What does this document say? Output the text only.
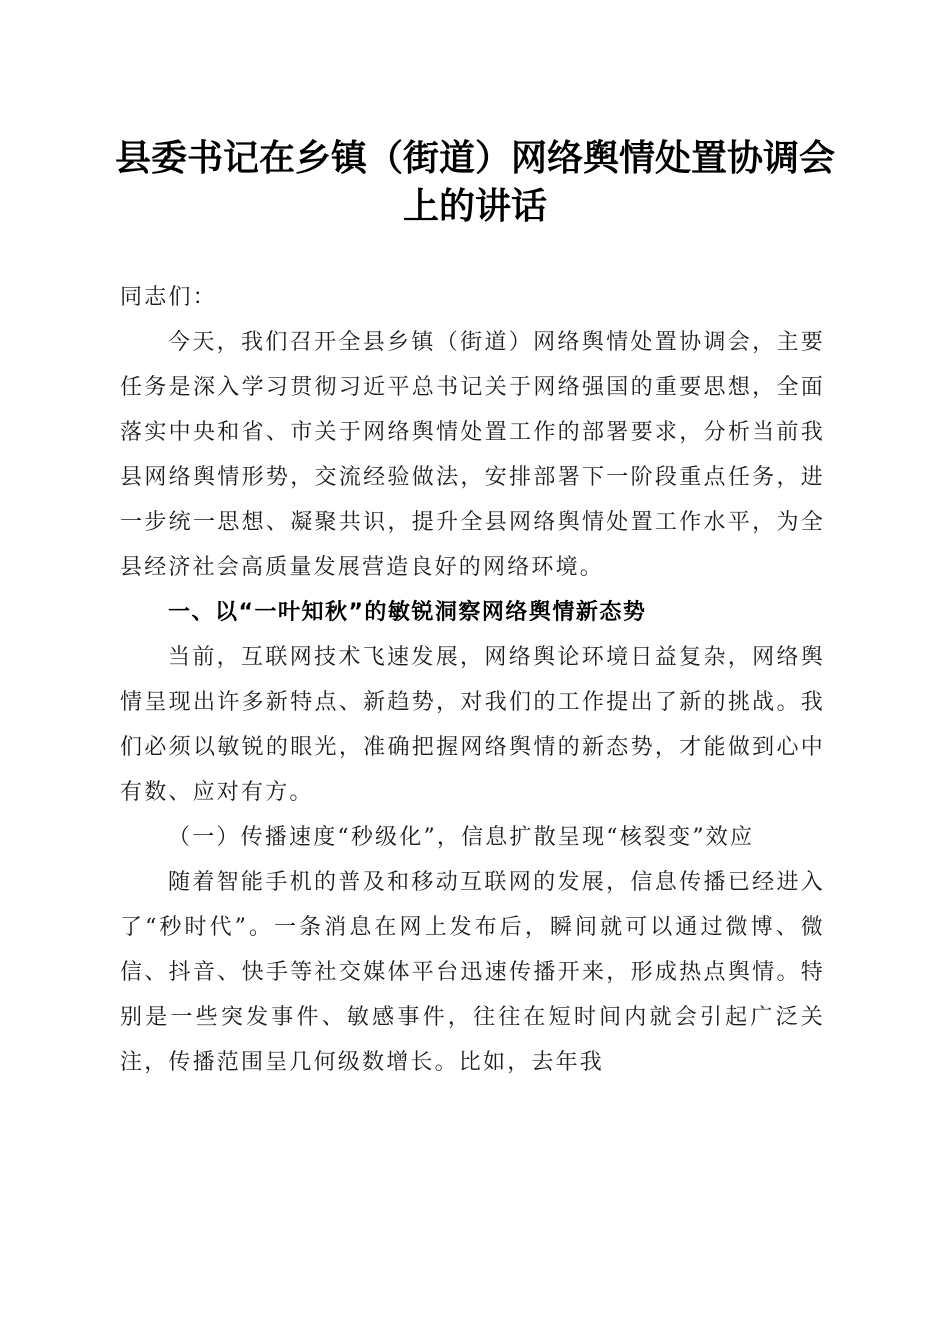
县委书记在乡镇（街道）网络舆情处置协调会
上的讲话

同志们：

今天，我们召开全县乡镇（街道）网络舆情处置协调会，主要任务是深入学习贯彻习近平总书记关于网络强国的重要思想，全面落实中央和省、市关于网络舆情处置工作的部署要求，分析当前我县网络舆情形势，交流经验做法，安排部署下一阶段重点任务，进一步统一思想、凝聚共识，提升全县网络舆情处置工作水平，为全县经济社会高质量发展营造良好的网络环境。

一、以“一叶知秋”的敏锐洞察网络舆情新态势

当前，互联网技术飞速发展，网络舆论环境日益复杂，网络舆情呈现出许多新特点、新趋势，对我们的工作提出了新的挑战。我们必须以敏锐的眼光，准确把握网络舆情的新态势，才能做到心中有数、应对有方。

（一）传播速度“秒级化”，信息扩散呈现“核裂变”效应

随着智能手机的普及和移动互联网的发展，信息传播已经进入了“秒时代”。一条消息在网上发布后，瞬间就可以通过微博、微信、抖音、快手等社交媒体平台迅速传播开来，形成热点舆情。特别是一些突发事件、敏感事件，往往在短时间内就会引起广泛关注，传播范围呈几何级数增长。比如，去年我
